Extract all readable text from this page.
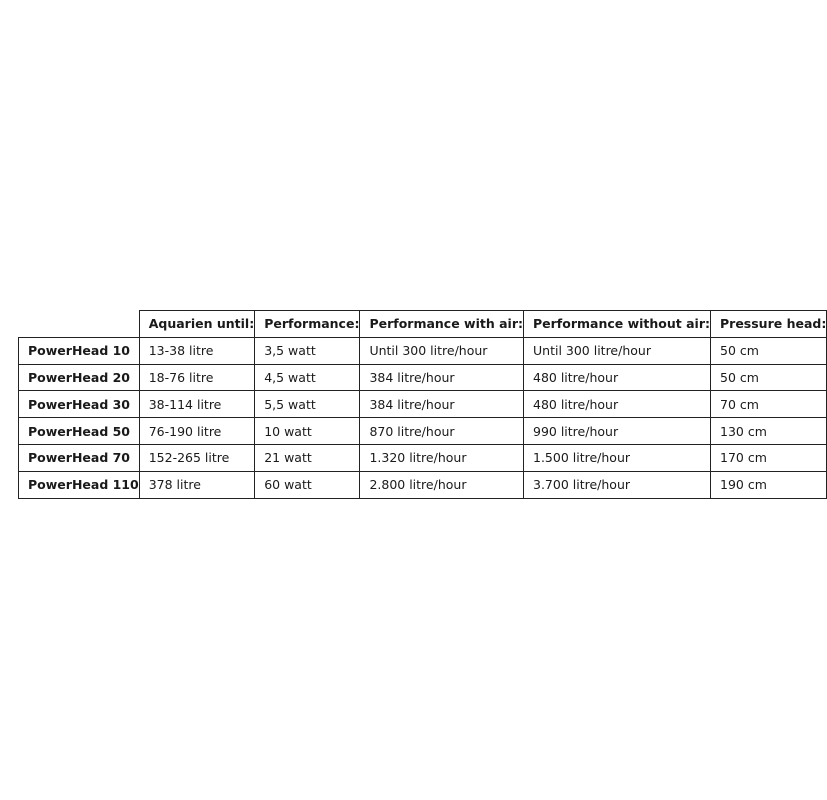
	Aquarien until:	Performance:	Performance with air:	Performance without air:	Pressure head:
PowerHead 10	13-38 litre	3,5 watt	Until 300 litre/hour	Until 300 litre/hour	50 cm
PowerHead 20	18-76 litre	4,5 watt	384 litre/hour	480 litre/hour	50 cm
PowerHead 30	38-114 litre	5,5 watt	384 litre/hour	480 litre/hour	70 cm
PowerHead 50	76-190 litre	10 watt	870 litre/hour	990 litre/hour	130 cm
PowerHead 70	152-265 litre	21 watt	1.320 litre/hour	1.500 litre/hour	170 cm
PowerHead 110	378 litre	60 watt	2.800 litre/hour	3.700 litre/hour	190 cm
